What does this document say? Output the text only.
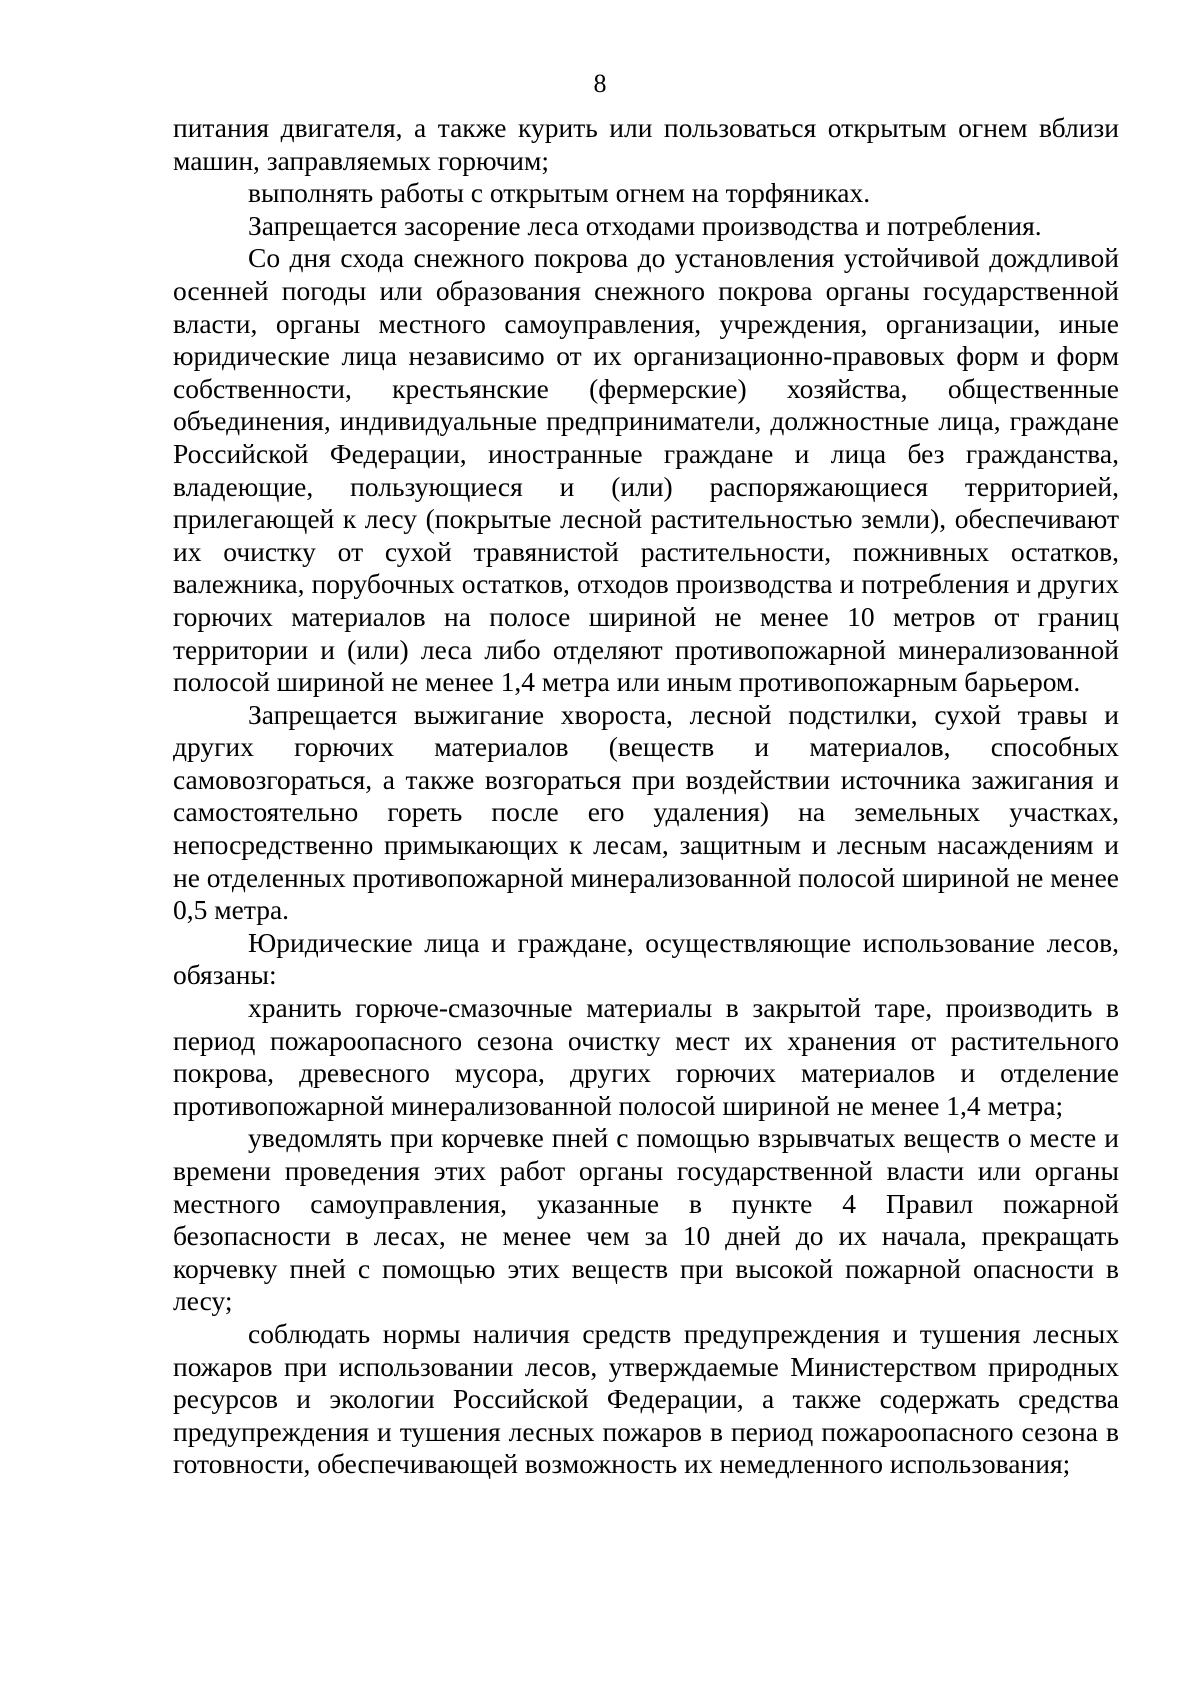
8

питания двигателя, а также курить или пользоваться открытым огнем вблизи машин, заправляемых горючим;

выполнять работы с открытым огнем на торфяниках.

Запрещается засорение леса отходами производства и потребления.

Со дня схода снежного покрова до установления устойчивой дождливой осенней погоды или образования снежного покрова органы государственной власти, органы местного самоуправления, учреждения, организации, иные юридические лица независимо от их организационно-правовых форм и форм собственности, крестьянские (фермерские) хозяйства, общественные объединения, индивидуальные предприниматели, должностные лица, граждане Российской Федерации, иностранные граждане и лица без гражданства, владеющие, пользующиеся и (или) распоряжающиеся территорией, прилегающей к лесу (покрытые лесной растительностью земли), обеспечивают их очистку от сухой травянистой растительности, пожнивных остатков, валежника, порубочных остатков, отходов производства и потребления и других горючих материалов на полосе шириной не менее 10 метров от границ территории и (или) леса либо отделяют противопожарной минерализованной полосой шириной не менее 1,4 метра или иным противопожарным барьером.

Запрещается выжигание хвороста, лесной подстилки, сухой травы и других горючих материалов (веществ и материалов, способных самовозгораться, а также возгораться при воздействии источника зажигания и самостоятельно гореть после его удаления) на земельных участках, непосредственно примыкающих к лесам, защитным и лесным насаждениям и не отделенных противопожарной минерализованной полосой шириной не менее 0,5 метра.

Юридические лица и граждане, осуществляющие использование лесов, обязаны:

хранить горюче-смазочные материалы в закрытой таре, производить в период пожароопасного сезона очистку мест их хранения от растительного покрова, древесного мусора, других горючих материалов и отделение противопожарной минерализованной полосой шириной не менее 1,4 метра;

уведомлять при корчевке пней с помощью взрывчатых веществ о месте и времени проведения этих работ органы государственной власти или органы местного самоуправления, указанные в пункте 4 Правил пожарной безопасности в лесах, не менее чем за 10 дней до их начала, прекращать корчевку пней с помощью этих веществ при высокой пожарной опасности в лесу;

соблюдать нормы наличия средств предупреждения и тушения лесных пожаров при использовании лесов, утверждаемые Министерством природных ресурсов и экологии Российской Федерации, а также содержать средства предупреждения и тушения лесных пожаров в период пожароопасного сезона в готовности, обеспечивающей возможность их немедленного использования;
